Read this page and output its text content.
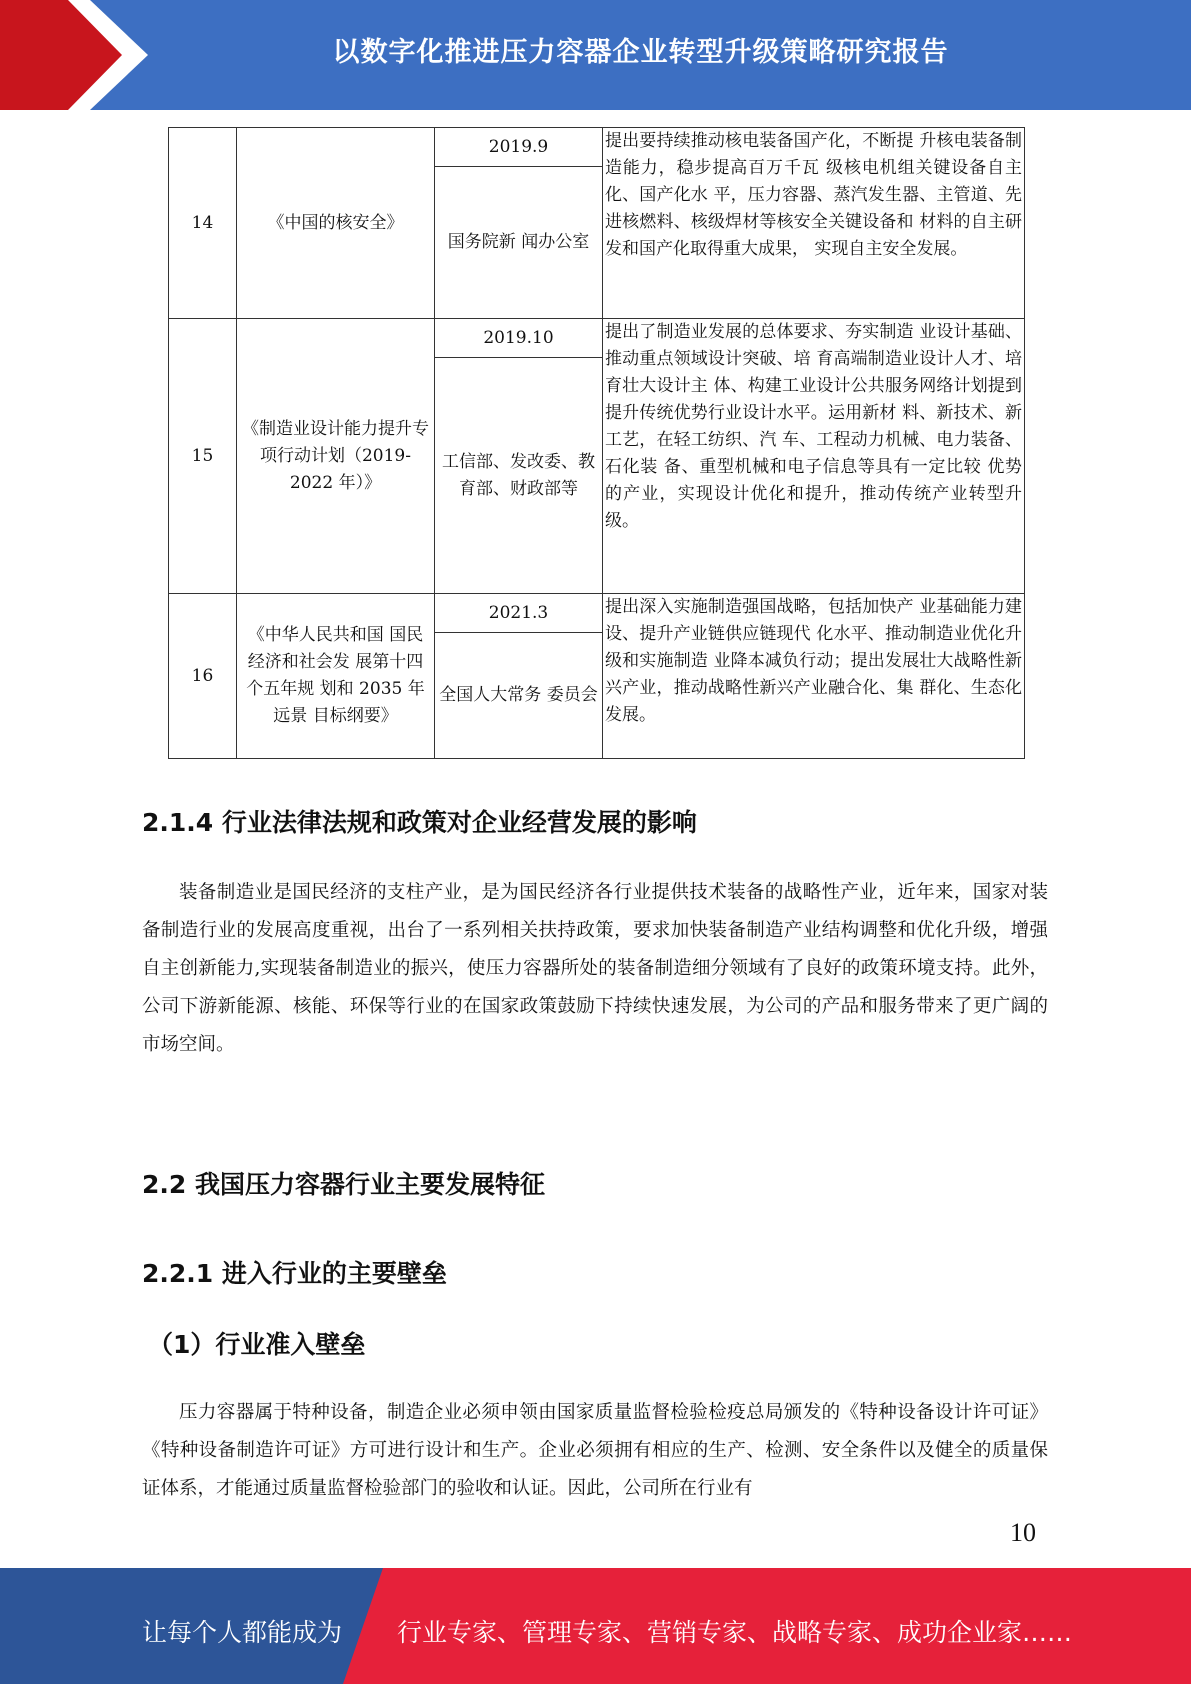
以数字化推进压力容器企业转型升级策略研究报告
14	《中国的核安全》	2019.9	提出要持续推动核电装备国产化，不断提 升核电装备制造能力，稳步提高百万千瓦 级核电机组关键设备自主化、国产化水 平，压力容器、蒸汽发生器、主管道、先 进核燃料、核级焊材等核安全关键设备和 材料的自主研发和国产化取得重大成果， 实现自主安全发展。
		国务院新 闻办公室	
15	《制造业设计能力提升专项行动计划（2019-2022 年）》	2019.10	提出了制造业发展的总体要求、夯实制造 业设计基础、推动重点领域设计突破、培 育高端制造业设计人才、培育壮大设计主 体、构建工业设计公共服务网络计划提到 提升传统优势行业设计水平。运用新材 料、新技术、新工艺，在轻工纺织、汽 车、工程动力机械、电力装备、石化装 备、重型机械和电子信息等具有一定比较 优势的产业，实现设计优化和提升，推动传统产业转型升级。
		工信部、发改委、教育部、财政部等	
16	《中华人民共和国 国民经济和社会发 展第十四个五年规 划和 2035 年远景 目标纲要》	2021.3	提出深入实施制造强国战略，包括加快产 业基础能力建设、提升产业链供应链现代 化水平、推动制造业优化升级和实施制造 业降本减负行动；提出发展壮大战略性新 兴产业，推动战略性新兴产业融合化、集 群化、生态化发展。
		全国人大常务 委员会	
2.1.4 行业法律法规和政策对企业经营发展的影响

装备制造业是国民经济的支柱产业，是为国民经济各行业提供技术装备的战略性产业，近年来，国家对装备制造行业的发展高度重视，出台了一系列相关扶持政策，要求加快装备制造产业结构调整和优化升级，增强自主创新能力,实现装备制造业的振兴，使压力容器所处的装备制造细分领域有了良好的政策环境支持。此外，公司下游新能源、核能、环保等行业的在国家政策鼓励下持续快速发展，为公司的产品和服务带来了更广阔的市场空间。

2.2 我国压力容器行业主要发展特征
2.2.1 进入行业的主要壁垒
（1）行业准入壁垒

压力容器属于特种设备，制造企业必须申领由国家质量监督检验检疫总局颁发的《特种设备设计许可证》《特种设备制造许可证》方可进行设计和生产。企业必须拥有相应的生产、检测、安全条件以及健全的质量保证体系，才能通过质量监督检验部门的验收和认证。因此，公司所在行业有

10
让每个人都能成为 行业专家、管理专家、营销专家、战略专家、成功企业家……
